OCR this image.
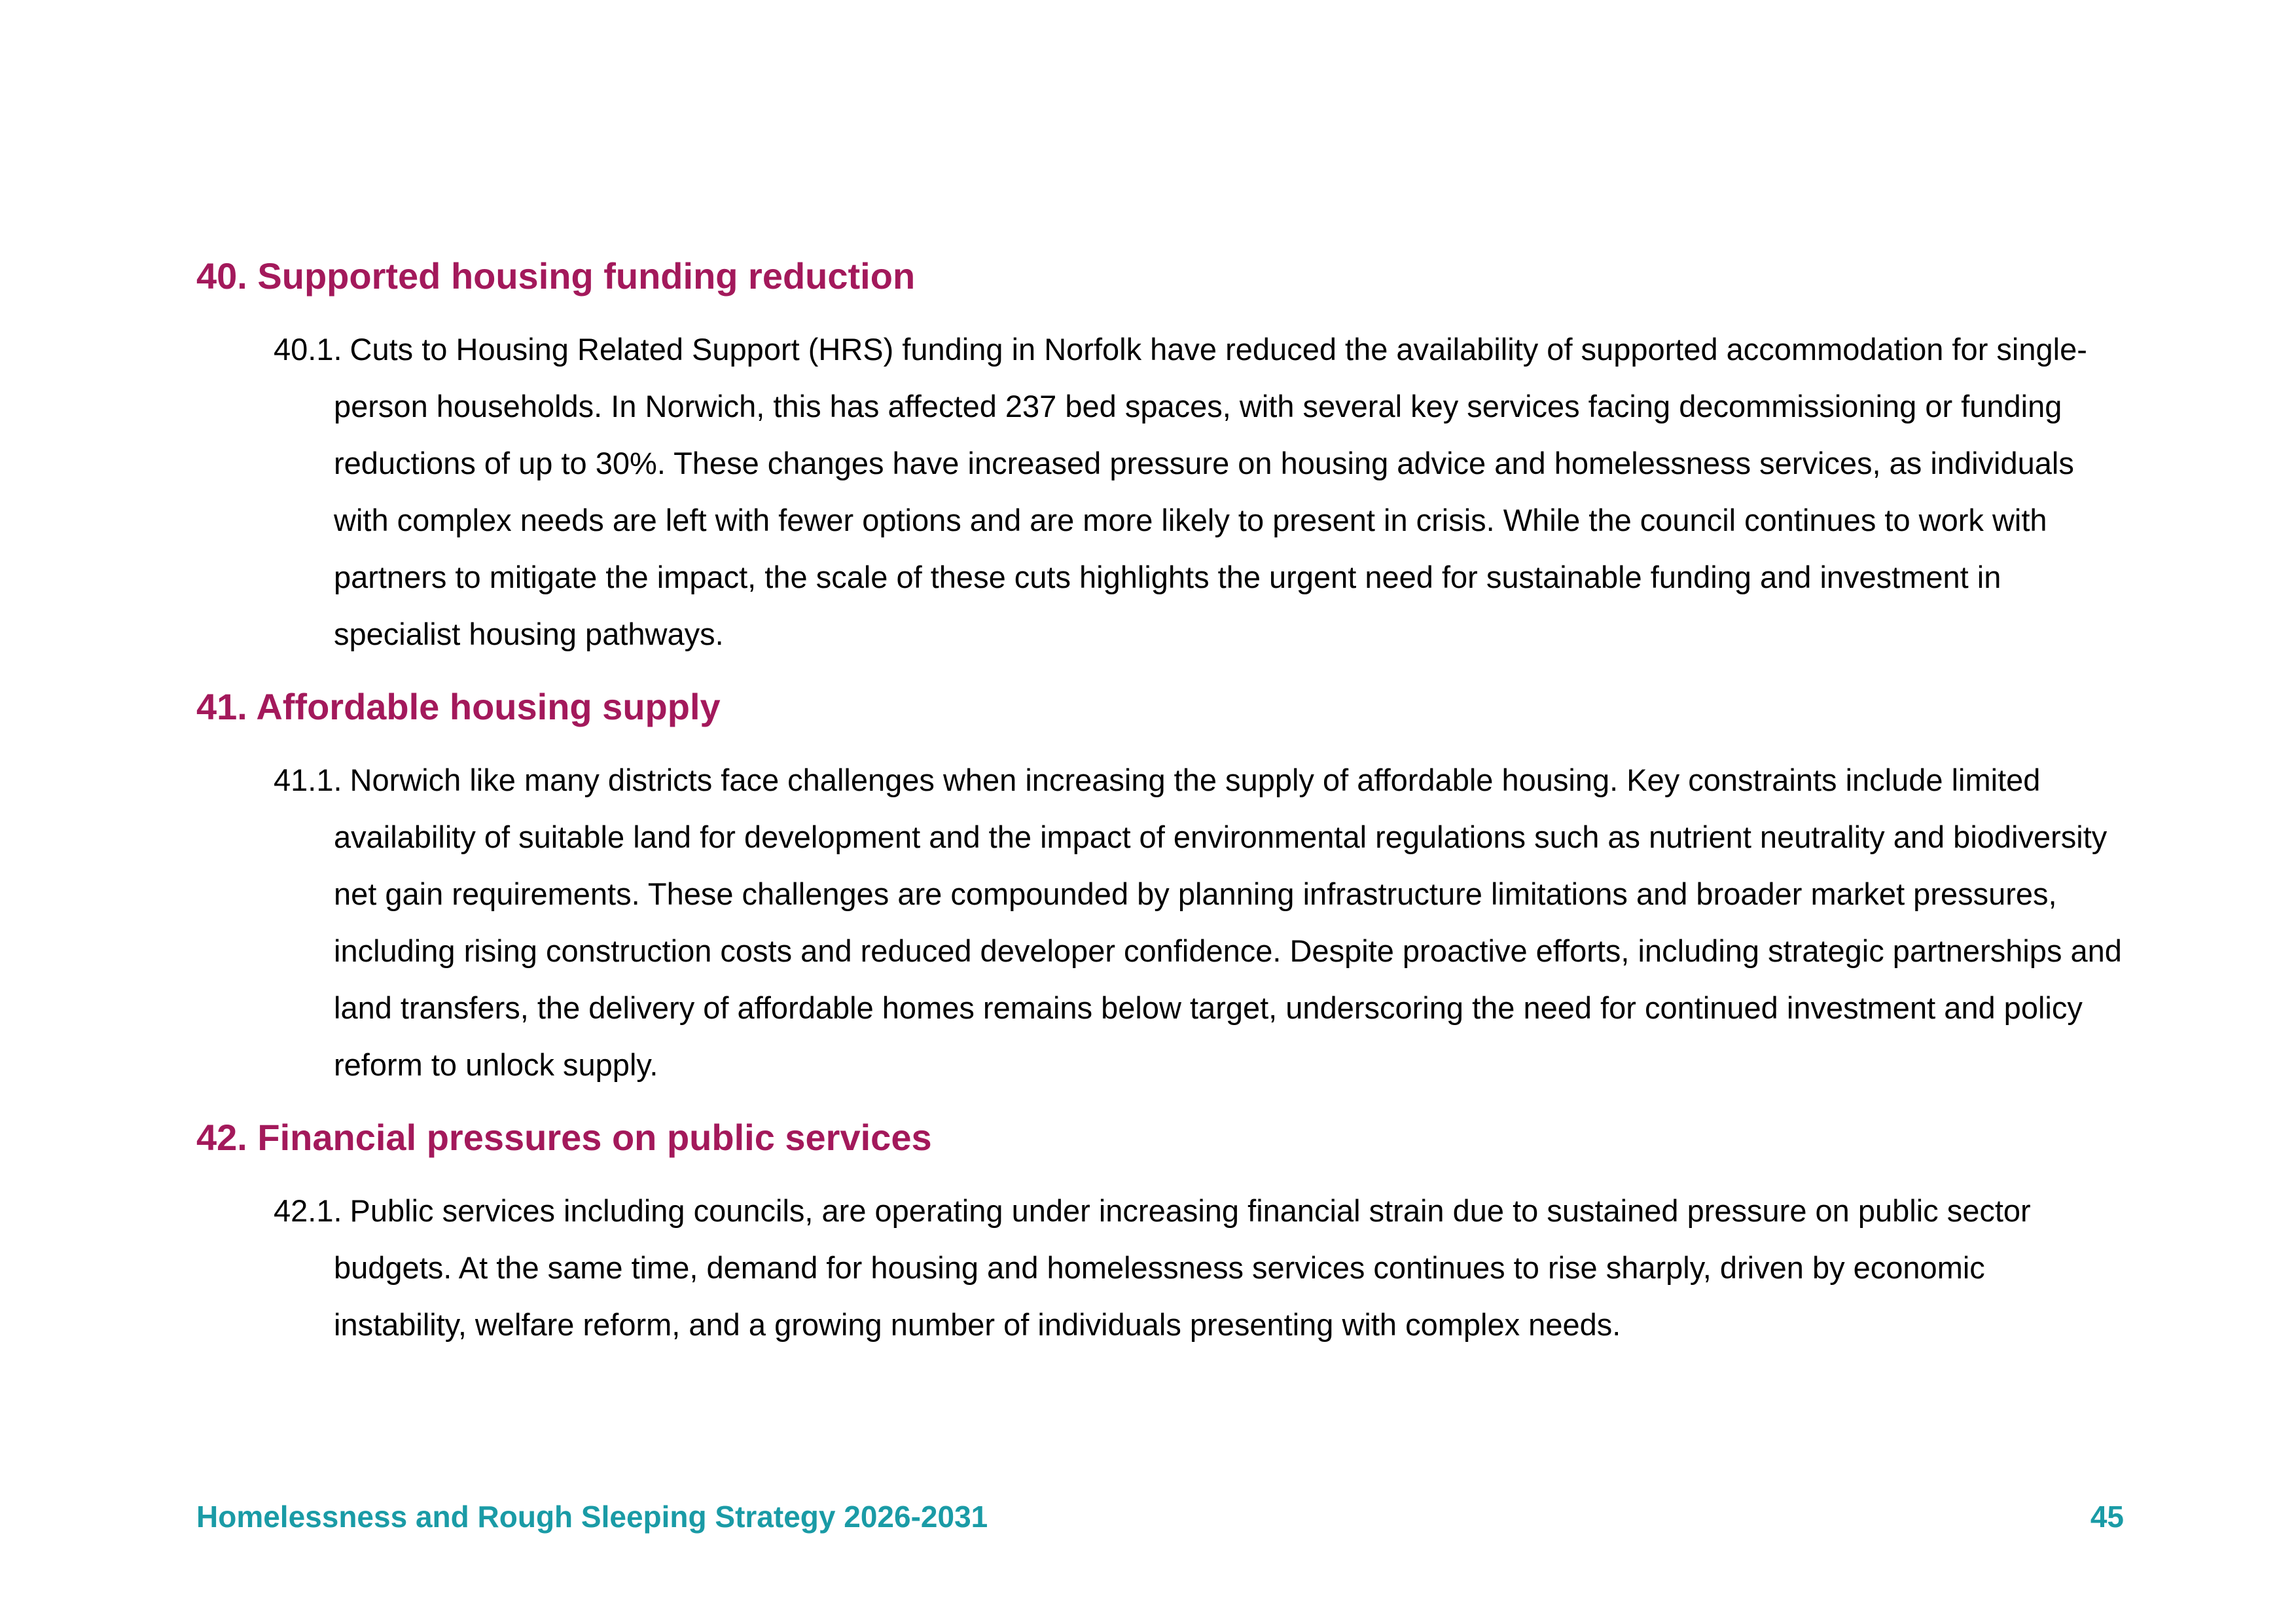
40. Supported housing funding reduction

40.1. Cuts to Housing Related Support (HRS) funding in Norfolk have reduced the availability of supported accommodation for single-person households. In Norwich, this has affected 237 bed spaces, with several key services facing decommissioning or funding reductions of up to 30%. These changes have increased pressure on housing advice and homelessness services, as individuals with complex needs are left with fewer options and are more likely to present in crisis. While the council continues to work with partners to mitigate the impact, the scale of these cuts highlights the urgent need for sustainable funding and investment in specialist housing pathways.

41. Affordable housing supply

41.1. Norwich like many districts face challenges when increasing the supply of affordable housing. Key constraints include limited availability of suitable land for development and the impact of environmental regulations such as nutrient neutrality and biodiversity net gain requirements. These challenges are compounded by planning infrastructure limitations and broader market pressures, including rising construction costs and reduced developer confidence. Despite proactive efforts, including strategic partnerships and land transfers, the delivery of affordable homes remains below target, underscoring the need for continued investment and policy reform to unlock supply.

42. Financial pressures on public services

42.1. Public services including councils, are operating under increasing financial strain due to sustained pressure on public sector budgets. At the same time, demand for housing and homelessness services continues to rise sharply, driven by economic instability, welfare reform, and a growing number of individuals presenting with complex needs.

Homelessness and Rough Sleeping Strategy 2026-2031	45
